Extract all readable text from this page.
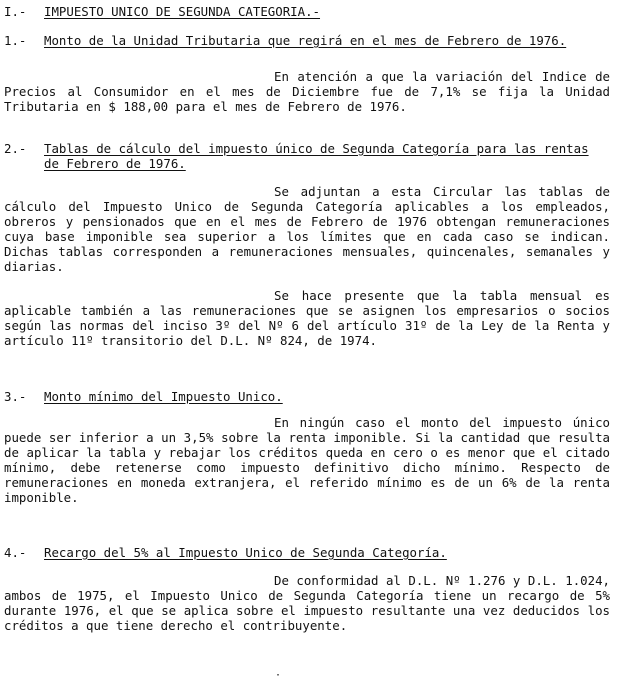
I.-	IMPUESTO UNICO DE SEGUNDA CATEGORIA.-
1.-	Monto de la Unidad Tributaria que regirá en el mes de Febrero de 1976.

En atención a que la variación del Indice de Precios al Consumidor en el mes de Diciembre fue de 7,1% se fija la Unidad Tributaria en $ 188,00 para el mes de Febrero de 1976.

2.-	Tablas de cálculo del impuesto único de Segunda Categoría para las rentas de Febrero de 1976.

Se adjuntan a esta Circular las tablas de cálculo del Impuesto Unico de Segunda Categoría aplicables a los empleados, obreros y pensionados que en el mes de Febrero de 1976 obtengan remuneraciones cuya base imponible sea superior a los límites que en cada caso se indican. Dichas tablas corresponden a remuneraciones mensuales, quincenales, semanales y diarias.

Se hace presente que la tabla mensual es aplicable también a las remuneraciones que se asignen los empresarios o socios según las normas del inciso 3º del Nº 6 del artículo 31º de la Ley de la Renta y artículo 11º transitorio del D.L. Nº 824, de 1974.

3.-	Monto mínimo del Impuesto Unico.

En ningún caso el monto del impuesto único puede ser inferior a un 3,5% sobre la renta imponible. Si la cantidad que resulta de aplicar la tabla y rebajar los créditos queda en cero o es menor que el citado mínimo, debe retenerse como impuesto definitivo dicho mínimo. Respecto de remuneraciones en moneda extranjera, el referido mínimo es de un 6% de la renta imponible.

4.-	Recargo del 5% al Impuesto Unico de Segunda Categoría.

De conformidad al D.L. Nº 1.276 y D.L. 1.024, ambos de 1975, el Impuesto Unico de Segunda Categoría tiene un recargo de 5% durante 1976, el que se aplica sobre el impuesto resultante una vez deducidos los créditos a que tiene derecho el contribuyente.

·
